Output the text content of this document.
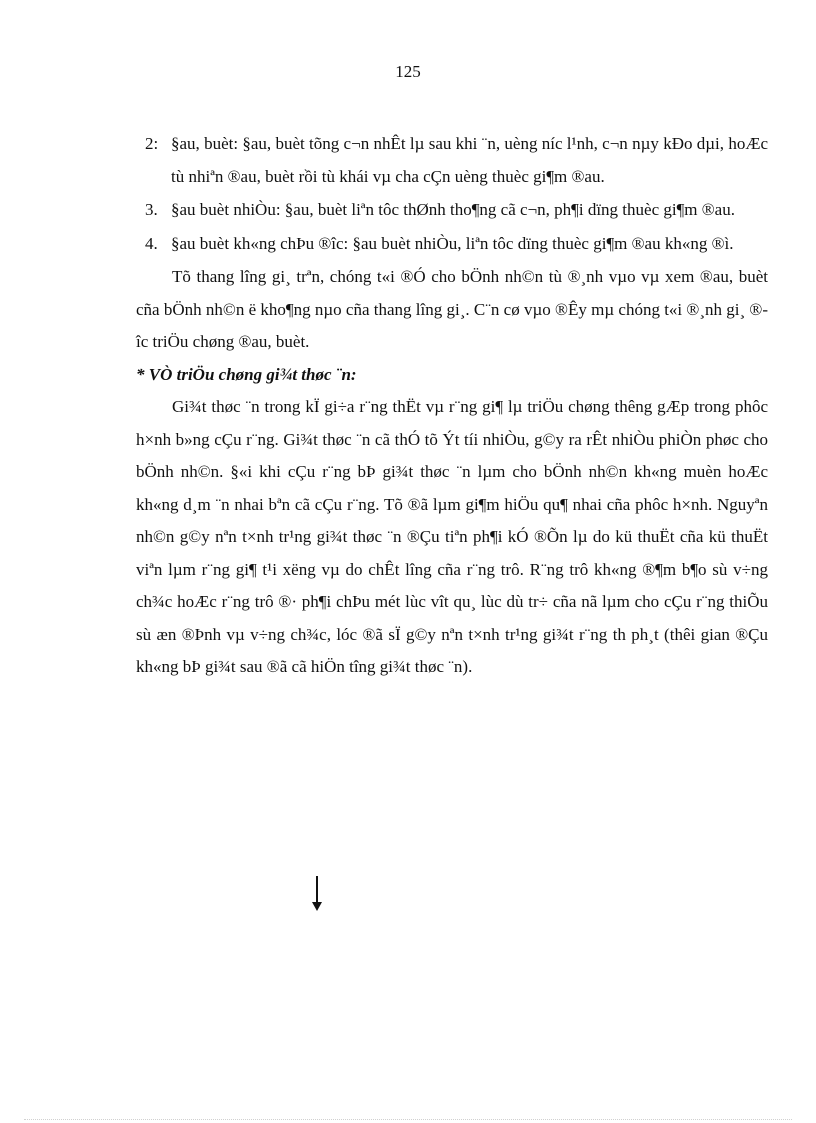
125
2: §au, buèt: §au, buèt tõng c¬n nhÊt lµ sau khi ¨n, uèng níc l¹nh, c¬n nµy kÐo dµi, hoÆc tù nhiªn ®au, buèt rồi tù khái vµ cha cÇn uèng thuèc gi¶m ®au.
3. §au buèt nhiÒu: §au, buèt liªn tôc thØnh tho¶ng cã c¬n, ph¶i dïng thuèc gi¶m ®au.
4. §au buèt kh«ng chÞu ®îc: §au buèt nhiÒu, liªn tôc dïng thuèc gi¶m ®au kh«ng ®ì.

Tõ thang lîng gi¸ trªn, chóng t«i ®Ó cho bÖnh nh©n tù ®¸nh vµo vµ xem ®au, buèt cña bÖnh nh©n ë kho¶ng nµo cña thang lîng gi¸. C¨n cø vµo ®Êy mµ chóng t«i ®¸nh gi¸ ®îc triÖu chøng ®au, buèt.

* VÒ triÖu chøng gi¾t thøc ¨n:

Gi¾t thøc ¨n trong kÏ gi÷a r¨ng thËt vµ r¨ng gi¶ lµ triÖu chøng thêng gÆp trong phôc h×nh b»ng cÇu r¨ng. Gi¾t thøc ¨n cã thÓ tõ Ýt tíi nhiÒu, g©y ra rÊt nhiÒu phiÒn phøc cho bÖnh nh©n. §«i khi cÇu r¨ng bÞ gi¾t thøc ¨n lµm cho bÖnh nh©n kh«ng muèn hoÆc kh«ng d¸m ¨n nhai bªn cã cÇu r¨ng. Tõ ®ã lµm gi¶m hiÖu qu¶ nhai cña phôc h×nh. Nguyªn nh©n g©y nªn t×nh tr¹ng gi¾t thøc ¨n ®Çu tiªn ph¶i kÓ ®Õn lµ do kü thuËt cña kü thuËt viªn lµm r¨ng gi¶ t¹i xëng vµ do chÊt lîng cña r¨ng trô. R¨ng trô kh«ng ®¶m b¶o sù v÷ng ch¾c hoÆc r¨ng trô ®· ph¶i chÞu mét lùc vît qu¸ lùc dù tr÷ cña nã lµm cho cÇu r¨ng thiÕu sù æn ®Þnh vµ v÷ng ch¾c, lóc ®ã sÏ g©y nªn t×nh tr¹ng gi¾t r¨ng th ph¸t (thêi gian ®Çu kh«ng bÞ gi¾t sau ®ã cã hiÖn tîng gi¾t thøc ¨n).
